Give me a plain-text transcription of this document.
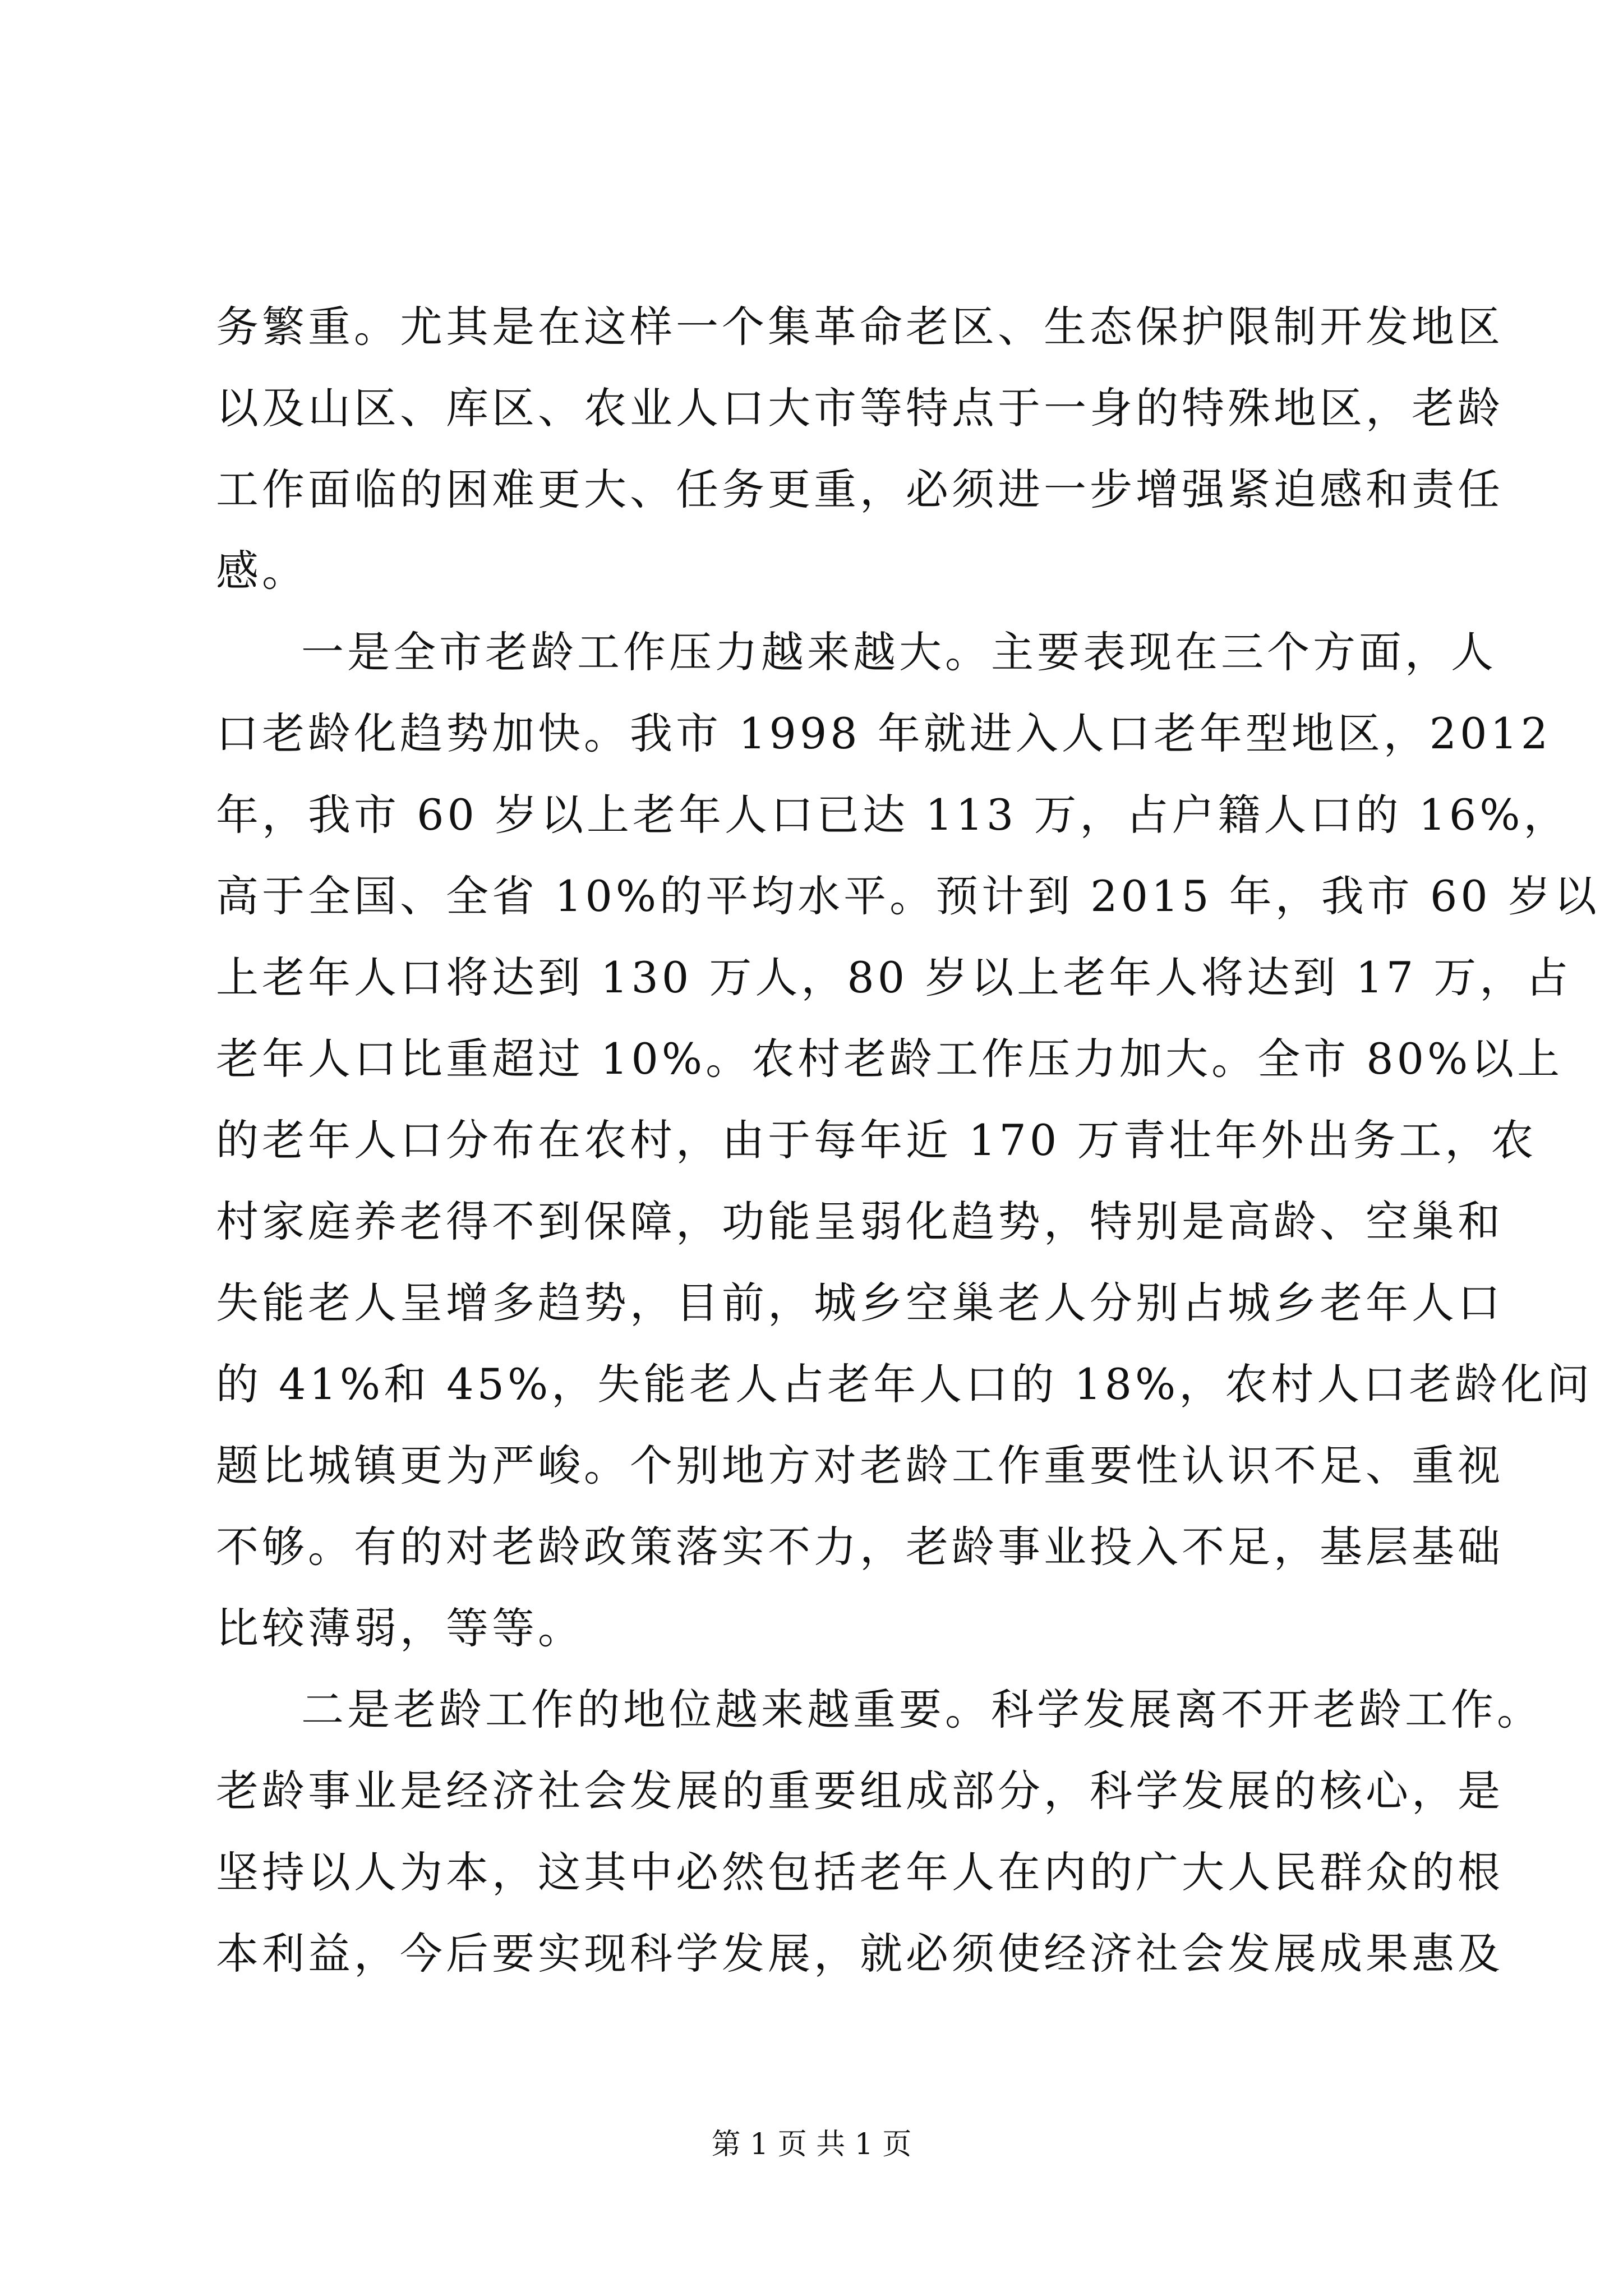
务繁重。尤其是在这样一个集革命老区、生态保护限制开发地区
以及山区、库区、农业人口大市等特点于一身的特殊地区，老龄
工作面临的困难更大、任务更重，必须进一步增强紧迫感和责任
感。
一是全市老龄工作压力越来越大。主要表现在三个方面，人
口老龄化趋势加快。我市 1998 年就进入人口老年型地区，2012
年，我市 60 岁以上老年人口已达 113 万，占户籍人口的 16%，
高于全国、全省 10%的平均水平。预计到 2015 年，我市 60 岁以
上老年人口将达到 130 万人，80 岁以上老年人将达到 17 万，占
老年人口比重超过 10%。农村老龄工作压力加大。全市 80%以上
的老年人口分布在农村，由于每年近 170 万青壮年外出务工，农
村家庭养老得不到保障，功能呈弱化趋势，特别是高龄、空巢和
失能老人呈增多趋势，目前，城乡空巢老人分别占城乡老年人口
的 41%和 45%，失能老人占老年人口的 18%，农村人口老龄化问
题比城镇更为严峻。个别地方对老龄工作重要性认识不足、重视
不够。有的对老龄政策落实不力，老龄事业投入不足，基层基础
比较薄弱，等等。
二是老龄工作的地位越来越重要。科学发展离不开老龄工作。
老龄事业是经济社会发展的重要组成部分，科学发展的核心，是
坚持以人为本，这其中必然包括老年人在内的广大人民群众的根
本利益，今后要实现科学发展，就必须使经济社会发展成果惠及
第 1 页 共 1 页
